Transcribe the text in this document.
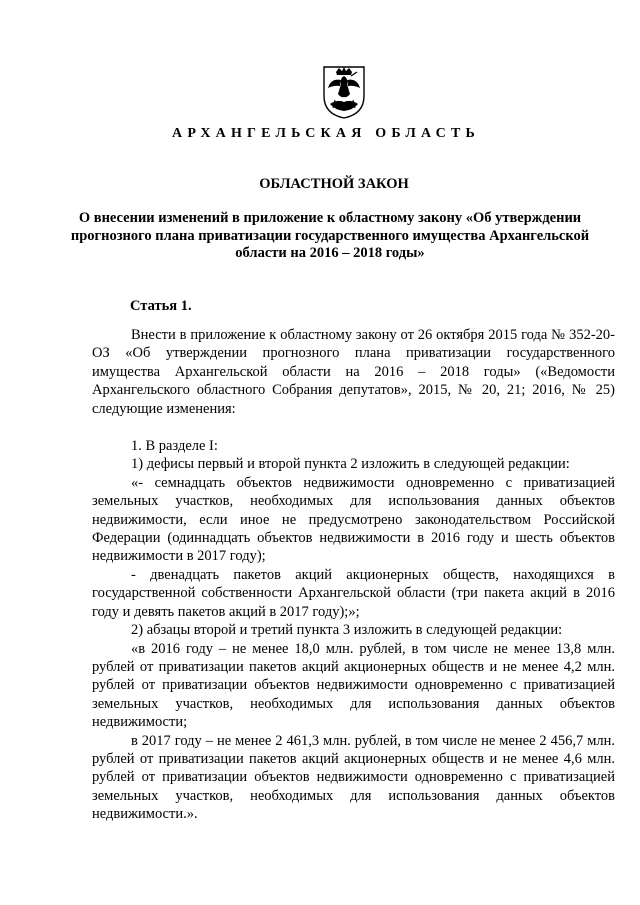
АРХАНГЕЛЬСКАЯ ОБЛАСТЬ
ОБЛАСТНОЙ ЗАКОН
О внесении изменений в приложение к областному закону «Об утверждении прогнозного плана приватизации государственного имущества Архангельской области на 2016 – 2018 годы»
Статья 1.

Внести в приложение к областному закону от 26 октября 2015 года № 352-20-ОЗ «Об утверждении прогнозного плана приватизации государственного имущества Архангельской области на 2016 – 2018 годы» («Ведомости Архангельского областного Собрания депутатов», 2015, № 20, 21; 2016, № 25) следующие изменения:

1. В разделе I:

1) дефисы первый и второй пункта 2 изложить в следующей редакции:

«- семнадцать объектов недвижимости одновременно с приватизацией земельных участков, необходимых для использования данных объектов недвижимости, если иное не предусмотрено законодательством Российской Федерации (одиннадцать объектов недвижимости в 2016 году и шесть объектов недвижимости в 2017 году);

- двенадцать пакетов акций акционерных обществ, находящихся в государственной собственности Архангельской области (три пакета акций в 2016 году и девять пакетов акций в 2017 году);»;

2) абзацы второй и третий пункта 3 изложить в следующей редакции:

«в 2016 году – не менее 18,0 млн. рублей, в том числе не менее 13,8 млн. рублей от приватизации пакетов акций акционерных обществ и не менее 4,2 млн. рублей от приватизации объектов недвижимости одновременно с приватизацией земельных участков, необходимых для использования данных объектов недвижимости;

в 2017 году – не менее 2 461,3 млн. рублей, в том числе не менее 2 456,7 млн. рублей от приватизации пакетов акций акционерных обществ и не менее 4,6 млн. рублей от приватизации объектов недвижимости одновременно с приватизацией земельных участков, необходимых для использования данных объектов недвижимости.».
